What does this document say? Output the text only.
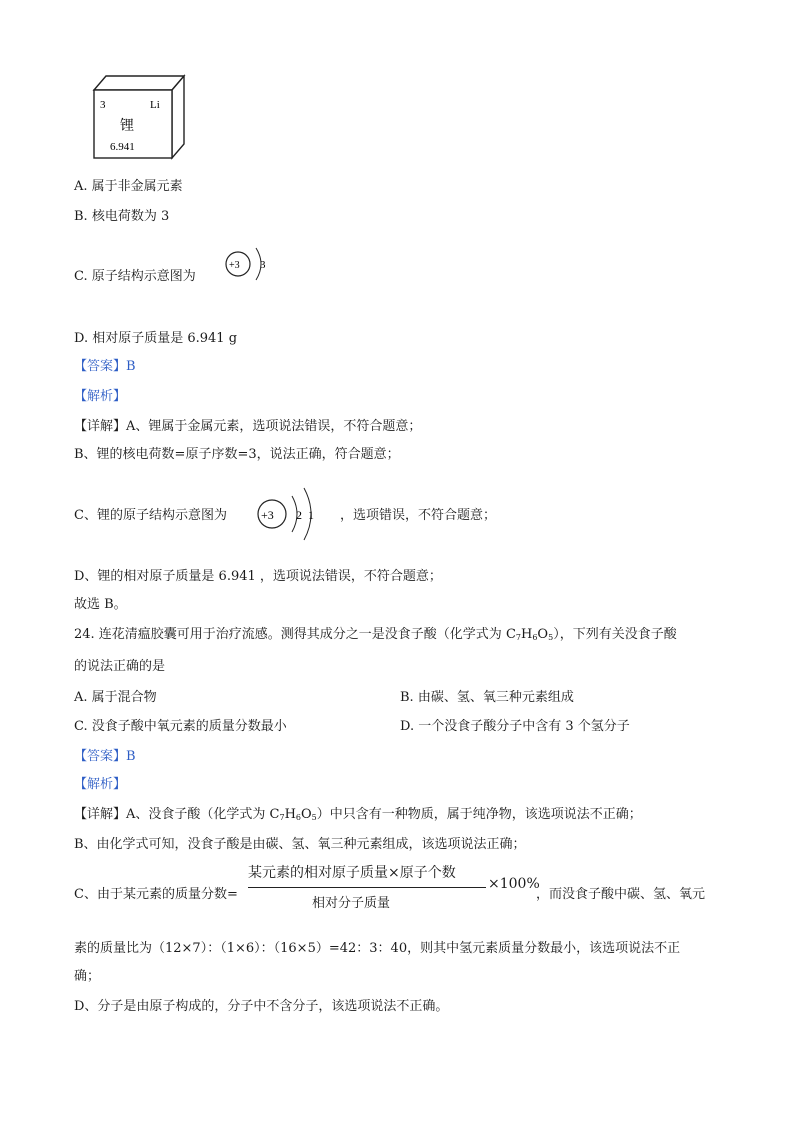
3	Li
锂
6.941
A. 属于非金属元素
B. 核电荷数为 3
C. 原子结构示意图为
+3 3
D. 相对原子质量是 6.941 g
【答案】B
【解析】
【详解】A、锂属于金属元素，选项说法错误，不符合题意；
B、锂的核电荷数=原子序数=3，说法正确，符合题意；
C、锂的原子结构示意图为	+3 2 1 ，选项错误，不符合题意；
D、锂的相对原子质量是 6.941 ，选项说法错误，不符合题意；
故选 B。
24. 连花清瘟胶囊可用于治疗流感。测得其成分之一是没食子酸（化学式为 $C_7H_6O_5$），下列有关没食子酸
的说法正确的是
A. 属于混合物	B. 由碳、氢、氧三种元素组成
C. 没食子酸中氧元素的质量分数最小	D. 一个没食子酸分子中含有 3 个氢分子
【答案】B
【解析】
【详解】A、没食子酸（化学式为 $C_7H_6O_5$）中只含有一种物质，属于纯净物，该选项说法不正确；
B、由化学式可知，没食子酸是由碳、氢、氧三种元素组成，该选项说法正确；
C、由于某元素的质量分数=
某元素的相对原子质量×原子个数
相对分子质量
×100%
，而没食子酸中碳、氢、氧元
素的质量比为（12×7）：（1×6）：（16×5）=42：3：40，则其中氢元素质量分数最小，该选项说法不正
确；
D、分子是由原子构成的，分子中不含分子，该选项说法不正确。
